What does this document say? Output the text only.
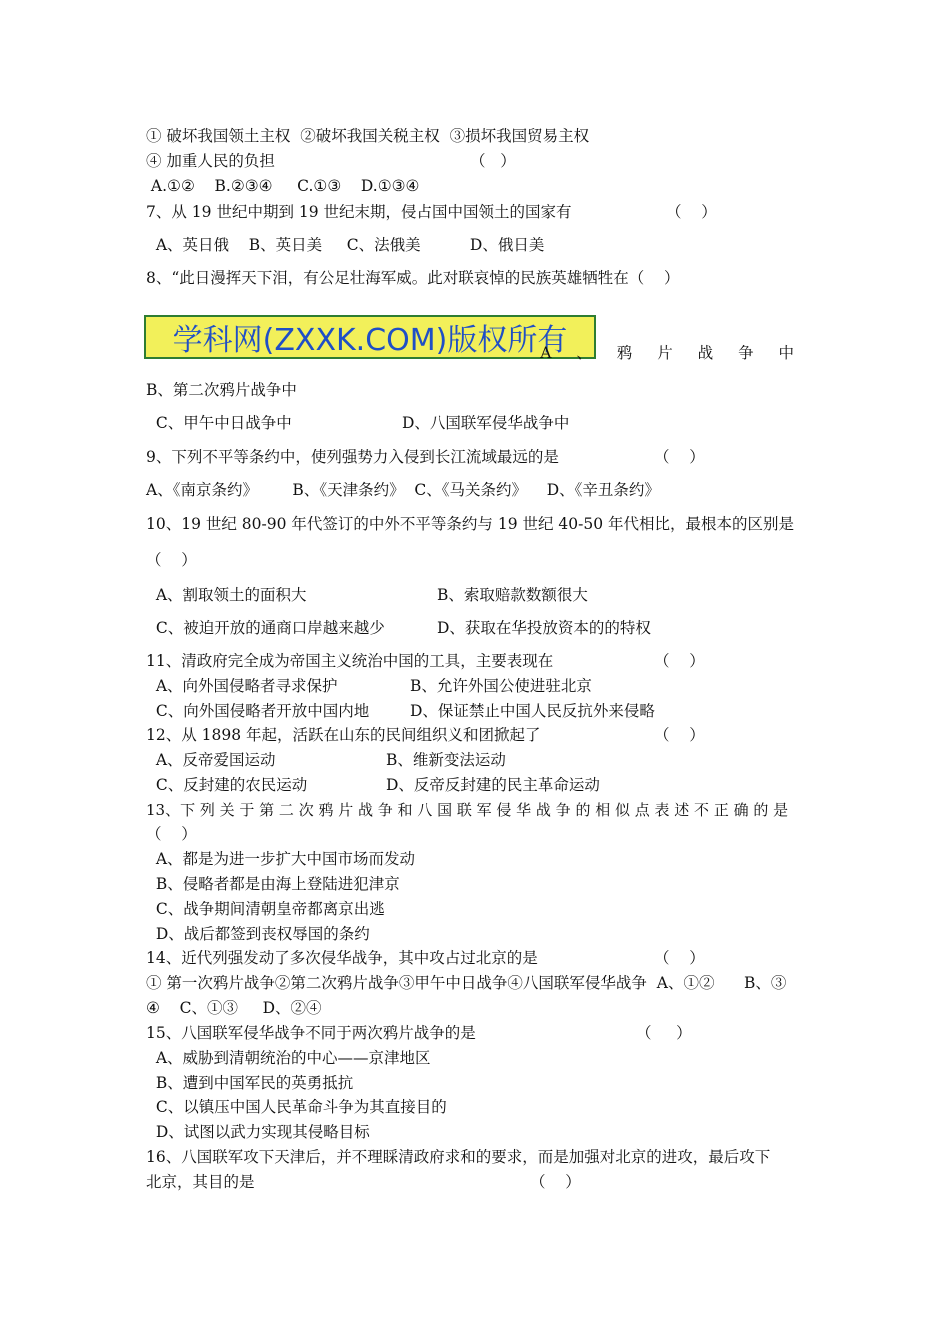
① 破坏我国领土主权  ②破坏我国关税主权  ③损坏我国贸易主权
④ 加重人民的负担	（   ）
A.①②    B.②③④     C.①③    D.①③④
7、从 19 世纪中期到 19 世纪末期，侵占国中国领土的国家有	（    ）
A、英日俄    B、英日美     C、法俄美          D、俄日美
8、“此日漫挥天下泪，有公足壮海军威。此对联哀悼的民族英雄牺牲在（    ）
学科网(ZXXK.COM)版权所有
A 、 鸦 片 战 争 中
B、第二次鸦片战争中
C、甲午中日战争中	D、八国联军侵华战争中
9、下列不平等条约中，使列强势力入侵到长江流域最远的是	（    ）
A、《南京条约》       B、《天津条约》  C、《马关条约》    D、《辛丑条约》
10、19 世纪 80-90 年代签订的中外不平等条约与 19 世纪 40-50 年代相比，最根本的区别是
（    ）
A、割取领土的面积大	B、索取赔款数额很大
C、被迫开放的通商口岸越来越少	D、获取在华投放资本的的特权
11、清政府完全成为帝国主义统治中国的工具，主要表现在	（    ）
A、向外国侵略者寻求保护	B、允许外国公使进驻北京
C、向外国侵略者开放中国内地	D、保证禁止中国人民反抗外来侵略
12、从 1898 年起，活跃在山东的民间组织义和团掀起了	（    ）
A、反帝爱国运动	B、维新变法运动
C、反封建的农民运动	D、反帝反封建的民主革命运动
13、下 列 关 于 第 二 次 鸦 片 战 争 和 八 国 联 军 侵 华 战 争 的 相 似 点 表 述 不 正 确 的 是
（    ）
A、都是为进一步扩大中国市场而发动
B、侵略者都是由海上登陆进犯津京
C、战争期间清朝皇帝都离京出逃
D、战后都签到丧权辱国的条约
14、近代列强发动了多次侵华战争，其中攻占过北京的是	（    ）
① 第一次鸦片战争②第二次鸦片战争③甲午中日战争④八国联军侵华战争  A、①②      B、③
④    C、①③     D、②④
15、八国联军侵华战争不同于两次鸦片战争的是	（     ）
A、威胁到清朝统治的中心——京津地区
B、遭到中国军民的英勇抵抗
C、以镇压中国人民革命斗争为其直接目的
D、试图以武力实现其侵略目标
16、八国联军攻下天津后，并不理睬清政府求和的要求，而是加强对北京的进攻，最后攻下
北京，其目的是	（    ）
